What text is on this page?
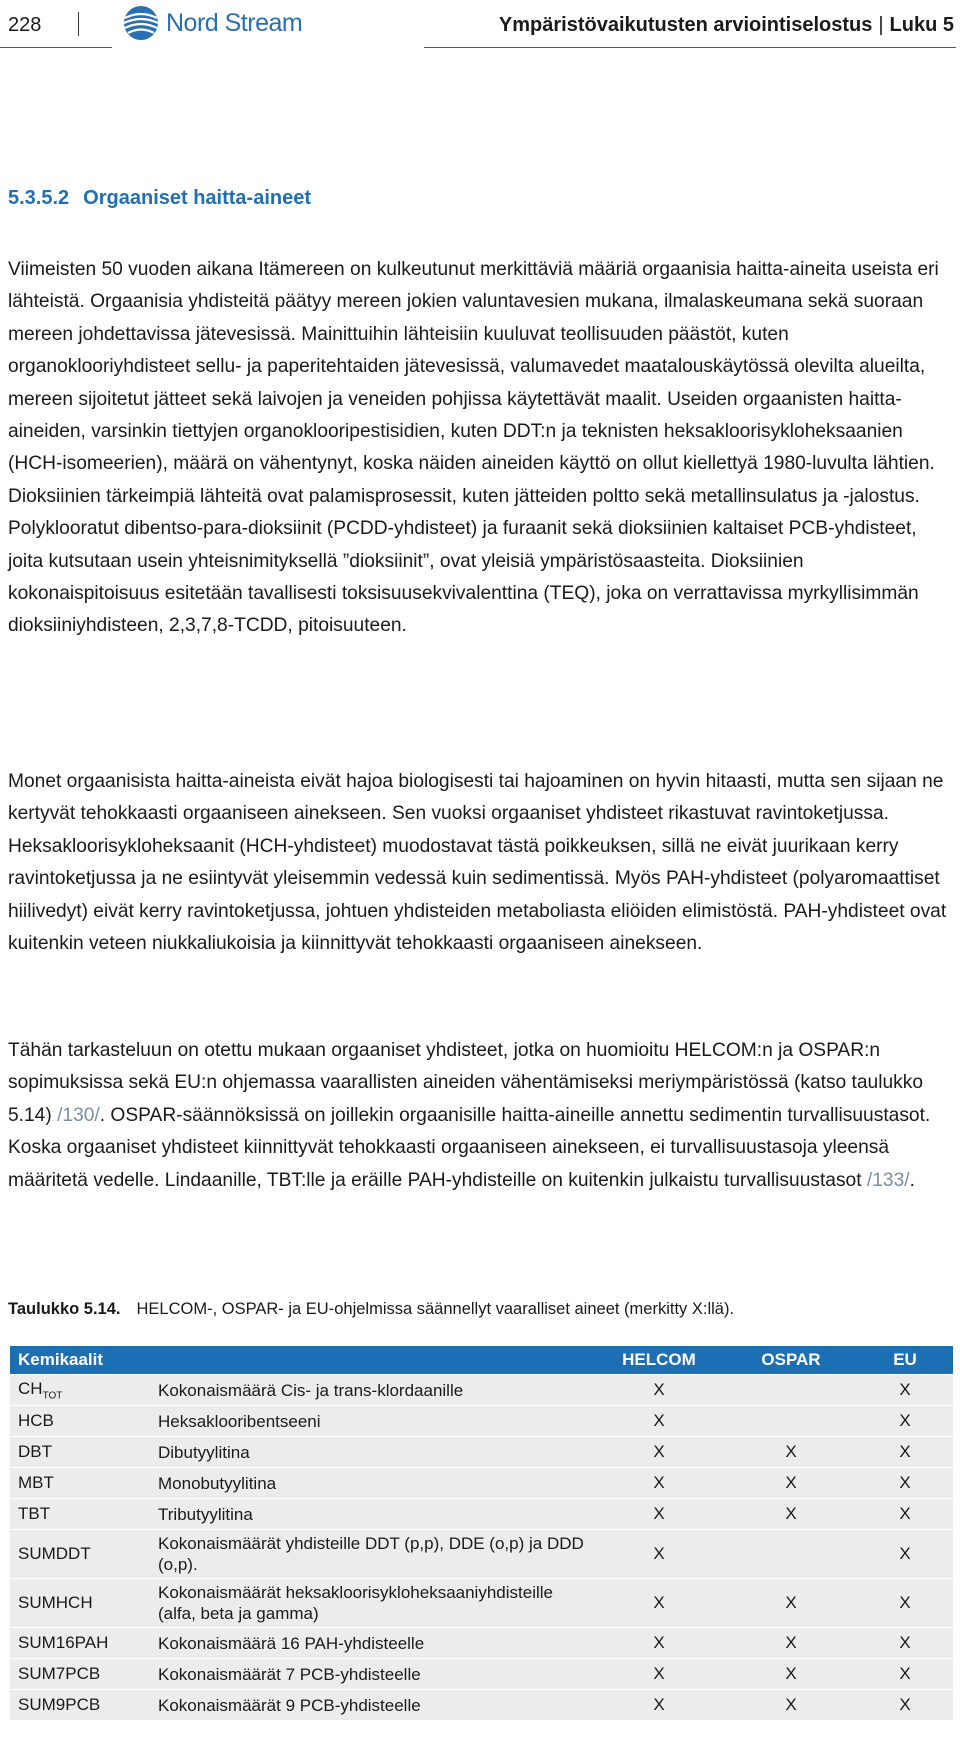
228	Nord Stream	Ympäristövaikutusten arviointiselostus | Luku 5
5.3.5.2 Orgaaniset haitta-aineet

Viimeisten 50 vuoden aikana Itämereen on kulkeutunut merkittäviä määriä orgaanisia haitta-aineita useista eri lähteistä. Orgaanisia yhdisteitä päätyy mereen jokien valuntavesien mukana, ilmalaskeumana sekä suoraan mereen johdettavissa jätevesissä. Mainittuihin lähteisiin kuuluvat teollisuuden päästöt, kuten organoklooriyhdisteet sellu- ja paperitehtaiden jätevesissä, valumavedet maatalouskäytössä olevilta alueilta, mereen sijoitetut jätteet sekä laivojen ja veneiden pohjissa käytettävät maalit. Useiden orgaanisten haitta-aineiden, varsinkin tiettyjen organoklooripestisidien, kuten DDT:n ja teknisten heksakloorisykloheksaanien (HCH-isomeerien), määrä on vähentynyt, koska näiden aineiden käyttö on ollut kiellettyä 1980-luvulta lähtien. Dioksiinien tärkeimpiä lähteitä ovat palamisprosessit, kuten jätteiden poltto sekä metallinsulatus ja -jalostus. Polyklooratut dibentso-para-dioksiinit (PCDD-yhdisteet) ja furaanit sekä dioksiinien kaltaiset PCB-yhdisteet, joita kutsutaan usein yhteisnimityksellä ”dioksiinit”, ovat yleisiä ympäristösaasteita. Dioksiinien kokonaispitoisuus esitetään tavallisesti toksisuusekvivalenttina (TEQ), joka on verrattavissa myrkyllisimmän dioksiiniyhdisteen, 2,3,7,8-TCDD, pitoisuuteen.

Monet orgaanisista haitta-aineista eivät hajoa biologisesti tai hajoaminen on hyvin hitaasti, mutta sen sijaan ne kertyvät tehokkaasti orgaaniseen ainekseen. Sen vuoksi orgaaniset yhdisteet rikastuvat ravintoketjussa. Heksakloorisykloheksaanit (HCH-yhdisteet) muodostavat tästä poikkeuksen, sillä ne eivät juurikaan kerry ravintoketjussa ja ne esiintyvät yleisemmin vedessä kuin sedimentissä. Myös PAH-yhdisteet (polyaromaattiset hiilivedyt) eivät kerry ravintoketjussa, johtuen yhdisteiden metaboliasta eliöiden elimistöstä. PAH-yhdisteet ovat kuitenkin veteen niukkaliukoisia ja kiinnittyvät tehokkaasti orgaaniseen ainekseen.

Tähän tarkasteluun on otettu mukaan orgaaniset yhdisteet, jotka on huomioitu HELCOM:n ja OSPAR:n sopimuksissa sekä EU:n ohjemassa vaarallisten aineiden vähentämiseksi meriympäristössä (katso taulukko 5.14) /130/. OSPAR-säännöksissä on joillekin orgaanisille haitta-aineille annettu sedimentin turvallisuustasot. Koska orgaaniset yhdisteet kiinnittyvät tehokkaasti orgaaniseen ainekseen, ei turvallisuustasoja yleensä määritetä vedelle. Lindaanille, TBT:lle ja eräille PAH-yhdisteille on kuitenkin julkaistu turvallisuustasot /133/.

Taulukko 5.14. HELCOM-, OSPAR- ja EU-ohjelmissa säännellyt vaaralliset aineet (merkitty X:llä).
Kemikaalit		HELCOM	OSPAR	EU
$CH_{TOT}$	Kokonaismäärä Cis- ja trans-klordaanille	X		X
HCB	Heksaklooribentseeni	X		X
DBT	Dibutyylitina	X	X	X
MBT	Monobutyylitina	X	X	X
TBT	Tributyylitina	X	X	X
SUMDDT	Kokonaismäärät yhdisteille DDT (p,p), DDE (o,p) ja DDD (o,p).	X		X
SUMHCH	Kokonaismäärät heksakloorisykloheksaaniyhdisteille (alfa, beta ja gamma)	X	X	X
SUM16PAH	Kokonaismäärä 16 PAH-yhdisteelle	X	X	X
SUM7PCB	Kokonaismäärät 7 PCB-yhdisteelle	X	X	X
SUM9PCB	Kokonaismäärät 9 PCB-yhdisteelle	X	X	X
